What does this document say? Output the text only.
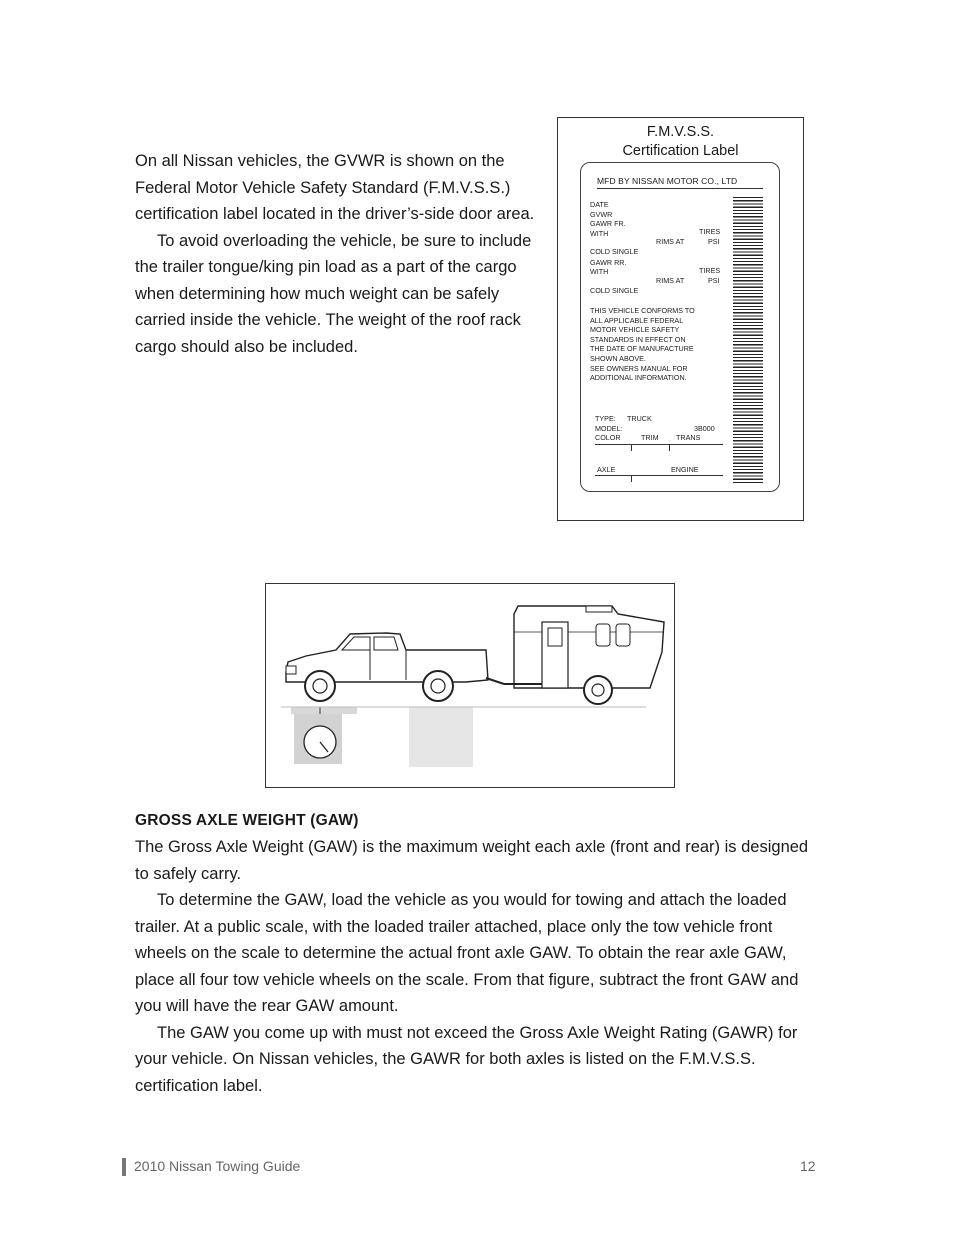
On all Nissan vehicles, the GVWR is shown on the Federal Motor Vehicle Safety Standard (F.M.V.S.S.) certification label located in the driver’s-side door area.

To avoid overloading the vehicle, be sure to include the trailer tongue/king pin load as a part of the cargo when determining how much weight can be safely carried inside the vehicle. The weight of the roof rack cargo should also be included.

F.M.V.S.S.
Certification Label
MFD BY NISSAN MOTOR CO., LTD
DATE
GVWR
GAWR FR.
WITH	TIRES
RIMS AT	PSI
COLD SINGLE
GAWR RR.
WITH	TIRES
RIMS AT	PSI
COLD SINGLE
THIS VEHICLE CONFORMS TO
ALL APPLICABLE FEDERAL
MOTOR VEHICLE SAFETY
STANDARDS IN EFFECT ON
THE DATE OF MANUFACTURE
SHOWN ABOVE.
SEE OWNERS MANUAL FOR
ADDITIONAL INFORMATION.
TYPE: TRUCK
MODEL:	3B000
COLOR	TRIM TRANS
AXLE	ENGINE
GROSS AXLE WEIGHT (GAW)

The Gross Axle Weight (GAW) is the maximum weight each axle (front and rear) is designed to safely carry.

To determine the GAW, load the vehicle as you would for towing and attach the loaded trailer. At a public scale, with the loaded trailer attached, place only the tow vehicle front wheels on the scale to determine the actual front axle GAW. To obtain the rear axle GAW, place all four tow vehicle wheels on the scale. From that figure, subtract the front GAW and you will have the rear GAW amount.

The GAW you come up with must not exceed the Gross Axle Weight Rating (GAWR) for your vehicle. On Nissan vehicles, the GAWR for both axles is listed on the F.M.V.S.S. certification label.

2010 Nissan Towing Guide	12
